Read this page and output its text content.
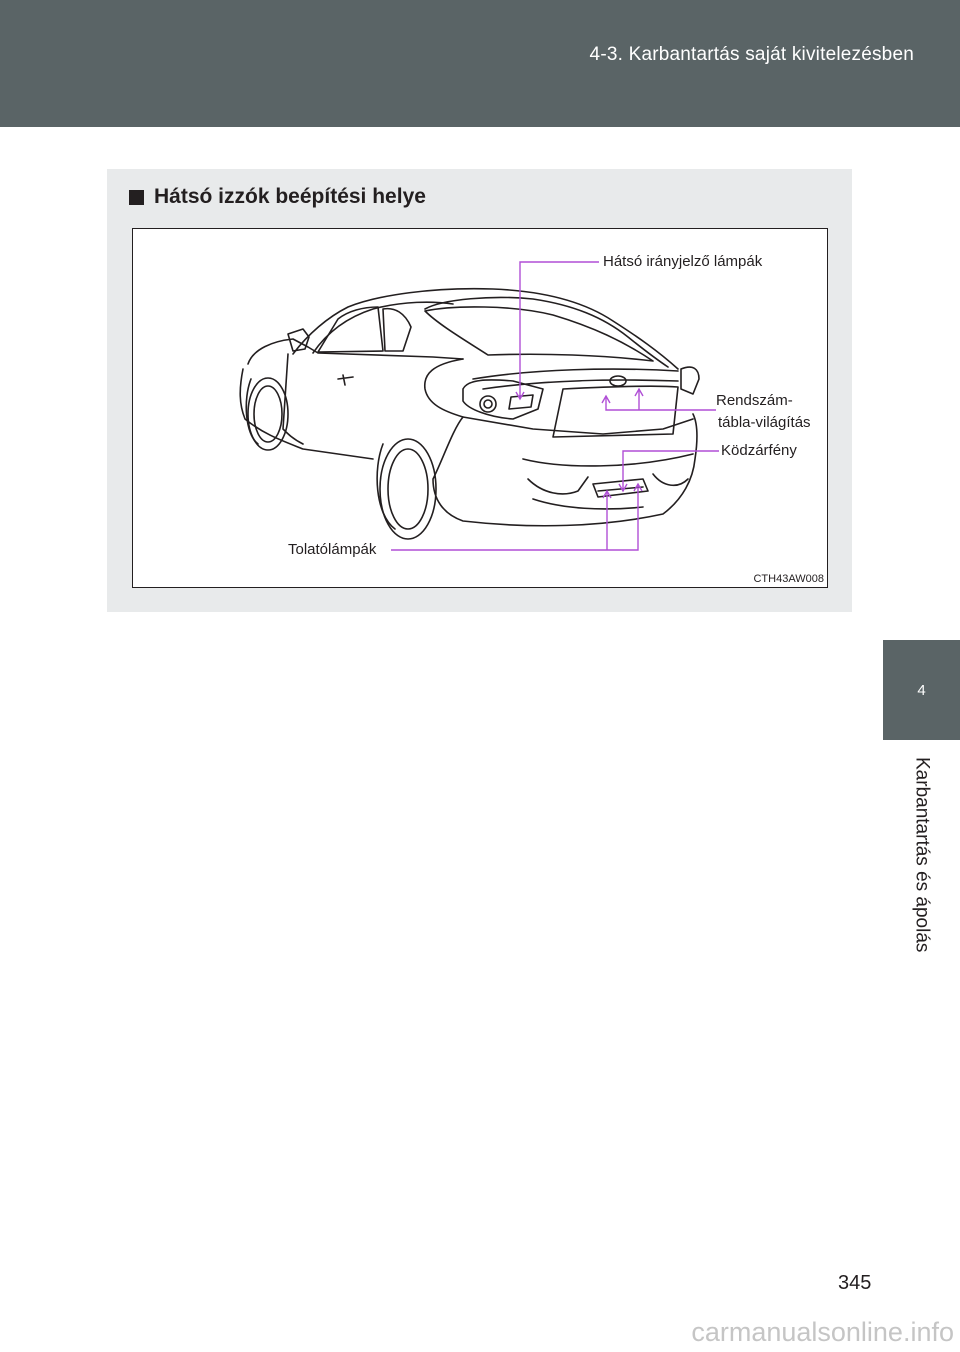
4-3. Karbantartás saját kivitelezésben
4
Karbantartás és ápolás
Hátsó izzók beépítési helye
Hátsó irányjelző lámpák
Rendszám-
tábla-világítás
Ködzárfény
Tolatólámpák
CTH43AW008
345
carmanualsonline.info
